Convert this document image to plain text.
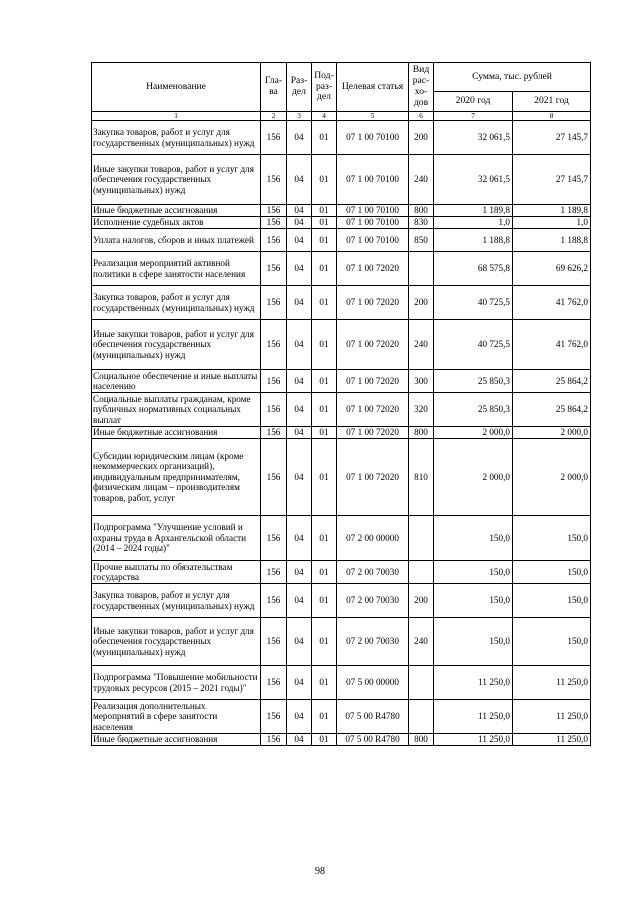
Наименование	Гла-ва	Раз-дел	Под-раз-дел	Целевая статья	Вид рас-хо-дов	Сумма, тыс. рублей	
						2020 год	2021 год
1	2	3	4	5	6	7	8
Закупка товаров, работ и услуг для государственных (муниципальных) нужд	156	04	01	07 1 00 70100	200	32 061,5	27 145,7
Иные закупки товаров, работ и услуг для обеспечения государственных (муниципальных) нужд	156	04	01	07 1 00 70100	240	32 061,5	27 145,7
Иные бюджетные ассигнования	156	04	01	07 1 00 70100	800	1 189,8	1 189,8
Исполнение судебных актов	156	04	01	07 1 00 70100	830	1,0	1,0
Уплата налогов, сборов и иных платежей	156	04	01	07 1 00 70100	850	1 188,8	1 188,8
Реализация мероприятий активной политики в сфере занятости населения	156	04	01	07 1 00 72020		68 575,8	69 626,2
Закупка товаров, работ и услуг для государственных (муниципальных) нужд	156	04	01	07 1 00 72020	200	40 725,5	41 762,0
Иные закупки товаров, работ и услуг для обеспечения государственных (муниципальных) нужд	156	04	01	07 1 00 72020	240	40 725,5	41 762,0
Социальное обеспечение и иные выплаты населению	156	04	01	07 1 00 72020	300	25 850,3	25 864,2
Социальные выплаты гражданам, кроме публичных нормативных социальных выплат	156	04	01	07 1 00 72020	320	25 850,3	25 864,2
Иные бюджетные ассигнования	156	04	01	07 1 00 72020	800	2 000,0	2 000,0
Субсидии юридическим лицам (кроме некоммерческих организаций), индивидуальным предпринимателям, физическим лицам – производителям товаров, работ, услуг	156	04	01	07 1 00 72020	810	2 000,0	2 000,0
Подпрограмма "Улучшение условий и охраны труда в Архангельской области (2014 – 2024 годы)"	156	04	01	07 2 00 00000		150,0	150,0
Прочие выплаты по обязательствам государства	156	04	01	07 2 00 70030		150,0	150,0
Закупка товаров, работ и услуг для государственных (муниципальных) нужд	156	04	01	07 2 00 70030	200	150,0	150,0
Иные закупки товаров, работ и услуг для обеспечения государственных (муниципальных) нужд	156	04	01	07 2 00 70030	240	150,0	150,0
Подпрограмма "Повышение мобильности трудовых ресурсов (2015 – 2021 годы)"	156	04	01	07 5 00 00000		11 250,0	11 250,0
Реализация дополнительных мероприятий в сфере занятости населения	156	04	01	07 5 00 R4780		11 250,0	11 250,0
Иные бюджетные ассигнования	156	04	01	07 5 00 R4780	800	11 250,0	11 250,0
98
